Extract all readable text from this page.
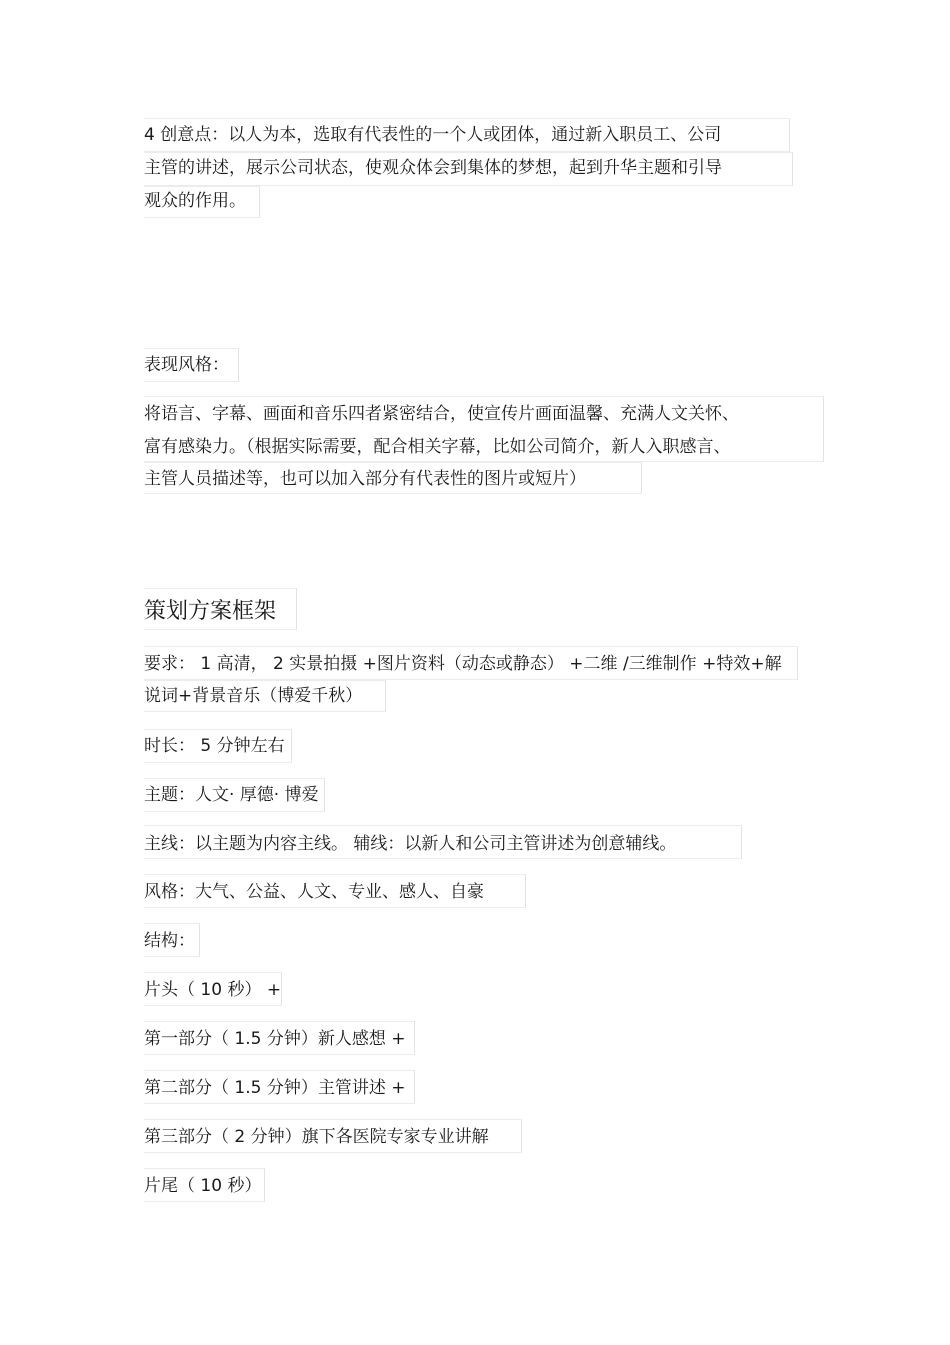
4 创意点：以人为本，选取有代表性的一个人或团体，通过新入职员工、公司
主管的讲述，展示公司状态，使观众体会到集体的梦想，起到升华主题和引导
观众的作用。
表现风格：
将语言、字幕、画面和音乐四者紧密结合，使宣传片画面温馨、充满人文关怀、
富有感染力。（根据实际需要，配合相关字幕，比如公司简介，新人入职感言、
主管人员描述等，也可以加入部分有代表性的图片或短片）
策划方案框架
要求： 1 高清， 2 实景拍摄 +图片资料（动态或静态） +二维 /三维制作 +特效+解
说词+背景音乐（博爱千秋）
时长： 5 分钟左右
主题：人文· 厚德· 博爱
主线：以主题为内容主线。 辅线：以新人和公司主管讲述为创意辅线。
风格：大气、公益、人文、专业、感人、自豪
结构：
片头（ 10 秒） +
第一部分（ 1.5 分钟）新人感想 +
第二部分（ 1.5 分钟）主管讲述 +
第三部分（ 2 分钟）旗下各医院专家专业讲解
片尾（ 10 秒）
